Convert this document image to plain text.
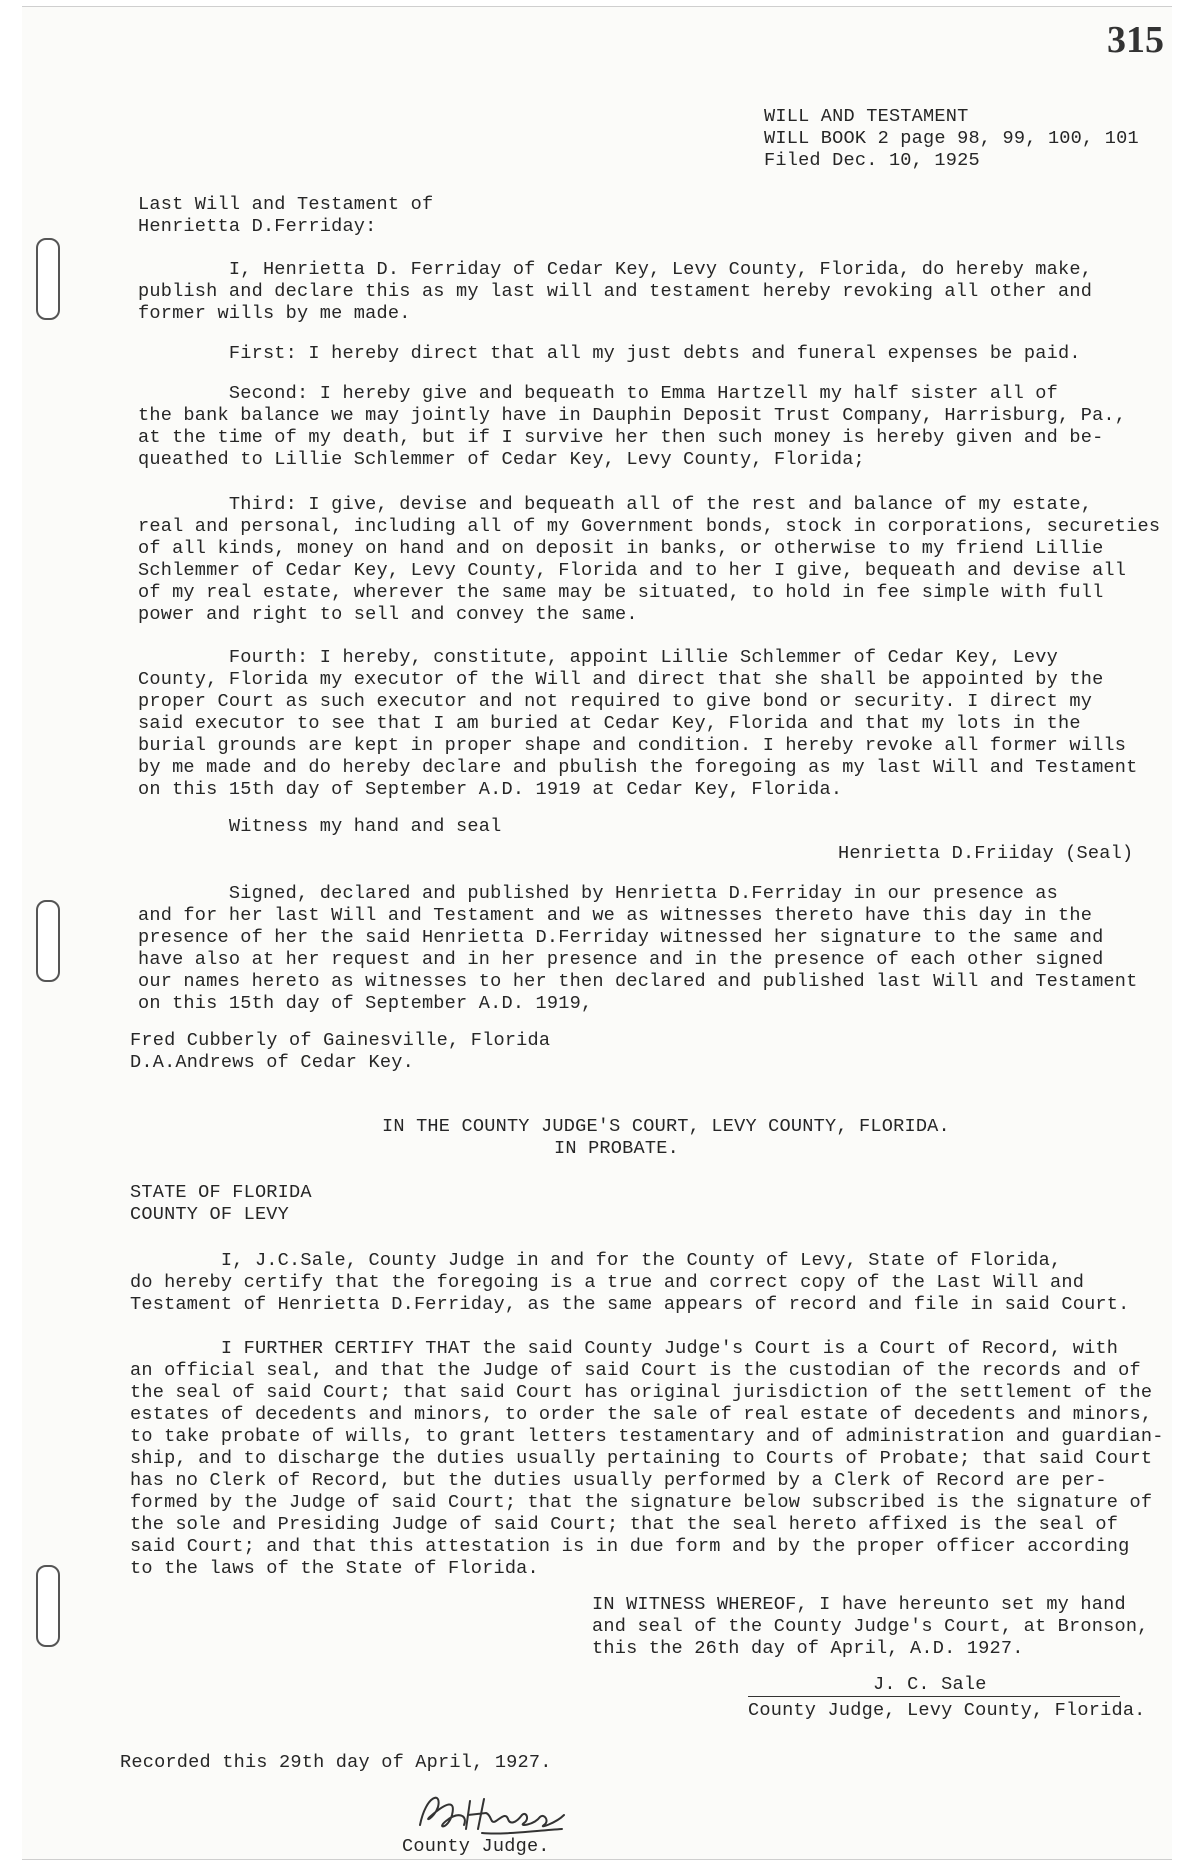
315
WILL AND TESTAMENT
WILL BOOK 2 page 98, 99, 100, 101
Filed Dec. 10, 1925
Last Will and Testament of
Henrietta D.Ferriday:
I, Henrietta D. Ferriday of Cedar Key, Levy County, Florida, do hereby make,
publish and declare this as my last will and testament hereby revoking all other and
former wills by me made.
First: I hereby direct that all my just debts and funeral expenses be paid.
Second: I hereby give and bequeath to Emma Hartzell my half sister all of
the bank balance we may jointly have in Dauphin Deposit Trust Company, Harrisburg, Pa.,
at the time of my death, but if I survive her then such money is hereby given and be-
queathed to Lillie Schlemmer of Cedar Key, Levy County, Florida;
Third: I give, devise and bequeath all of the rest and balance of my estate,
real and personal, including all of my Government bonds, stock in corporations, secureties
of all kinds, money on hand and on deposit in banks, or otherwise to my friend Lillie
Schlemmer of Cedar Key, Levy County, Florida and to her I give, bequeath and devise all
of my real estate, wherever the same may be situated, to hold in fee simple with full
power and right to sell and convey the same.
Fourth: I hereby, constitute, appoint Lillie Schlemmer of Cedar Key, Levy
County, Florida my executor of the Will and direct that she shall be appointed by the
proper Court as such executor and not required to give bond or security. I direct my
said executor to see that I am buried at Cedar Key, Florida and that my lots in the
burial grounds are kept in proper shape and condition. I hereby revoke all former wills
by me made and do hereby declare and pbulish the foregoing as my last Will and Testament
on this 15th day of September A.D. 1919 at Cedar Key, Florida.
Witness my hand and seal
Henrietta D.Friiday (Seal)
Signed, declared and published by Henrietta D.Ferriday in our presence as
and for her last Will and Testament and we as witnesses thereto have this day in the
presence of her the said Henrietta D.Ferriday witnessed her signature to the same and
have also at her request and in her presence and in the presence of each other signed
our names hereto as witnesses to her then declared and published last Will and Testament
on this 15th day of September A.D. 1919,
Fred Cubberly of Gainesville, Florida
D.A.Andrews of Cedar Key.
IN THE COUNTY JUDGE'S COURT, LEVY COUNTY, FLORIDA.
IN PROBATE.
STATE OF FLORIDA
COUNTY OF LEVY
I, J.C.Sale, County Judge in and for the County of Levy, State of Florida,
do hereby certify that the foregoing is a true and correct copy of the Last Will and
Testament of Henrietta D.Ferriday, as the same appears of record and file in said Court.
I FURTHER CERTIFY THAT the said County Judge's Court is a Court of Record, with
an official seal, and that the Judge of said Court is the custodian of the records and of
the seal of said Court; that said Court has original jurisdiction of the settlement of the
estates of decedents and minors, to order the sale of real estate of decedents and minors,
to take probate of wills, to grant letters testamentary and of administration and guardian-
ship, and to discharge the duties usually pertaining to Courts of Probate; that said Court
has no Clerk of Record, but the duties usually performed by a Clerk of Record are per-
formed by the Judge of said Court; that the signature below subscribed is the signature of
the sole and Presiding Judge of said Court; that the seal hereto affixed is the seal of
said Court; and that this attestation is in due form and by the proper officer according
to the laws of the State of Florida.
IN WITNESS WHEREOF, I have hereunto set my hand
and seal of the County Judge's Court, at Bronson,
this the 26th day of April, A.D. 1927.
J. C. Sale
County Judge, Levy County, Florida.
Recorded this 29th day of April, 1927.
County Judge.
